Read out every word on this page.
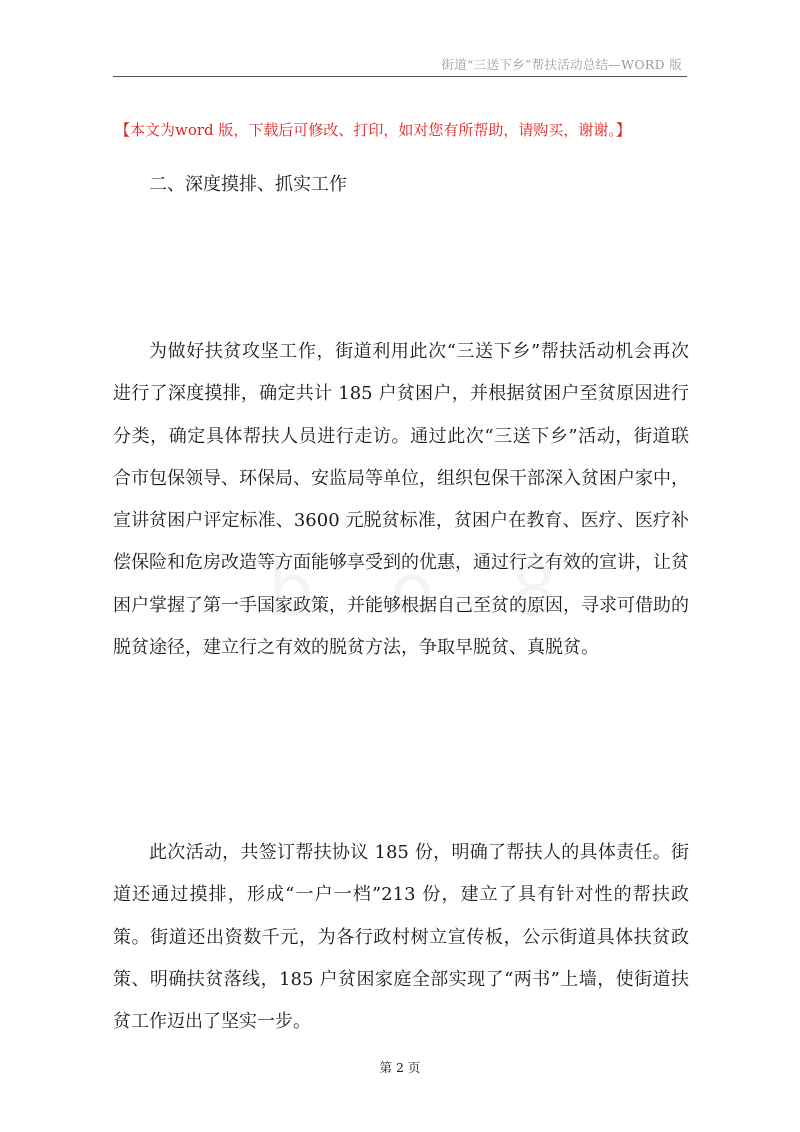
街道“三送下乡”帮扶活动总结—WORD 版
【本文为word 版，下载后可修改、打印，如对您有所帮助，请购买，谢谢。】
二、深度摸排、抓实工作

为做好扶贫攻坚工作，街道利用此次“三送下乡”帮扶活动机会再次进行了深度摸排，确定共计 185 户贫困户，并根据贫困户至贫原因进行分类，确定具体帮扶人员进行走访。通过此次“三送下乡”活动，街道联合市包保领导、环保局、安监局等单位，组织包保干部深入贫困户家中，宣讲贫困户评定标准、3600 元脱贫标准，贫困户在教育、医疗、医疗补偿保险和危房改造等方面能够享受到的优惠，通过行之有效的宣讲，让贫困户掌握了第一手国家政策，并能够根据自己至贫的原因，寻求可借助的脱贫途径，建立行之有效的脱贫方法，争取早脱贫、真脱贫。

此次活动，共签订帮扶协议 185 份，明确了帮扶人的具体责任。街道还通过摸排，形成“一户一档”213 份，建立了具有针对性的帮扶政策。街道还出资数千元，为各行政村树立宣传板，公示街道具体扶贫政策、明确扶贫落线，185 户贫困家庭全部实现了“两书”上墙，使街道扶贫工作迈出了坚实一步。

第 2 页
